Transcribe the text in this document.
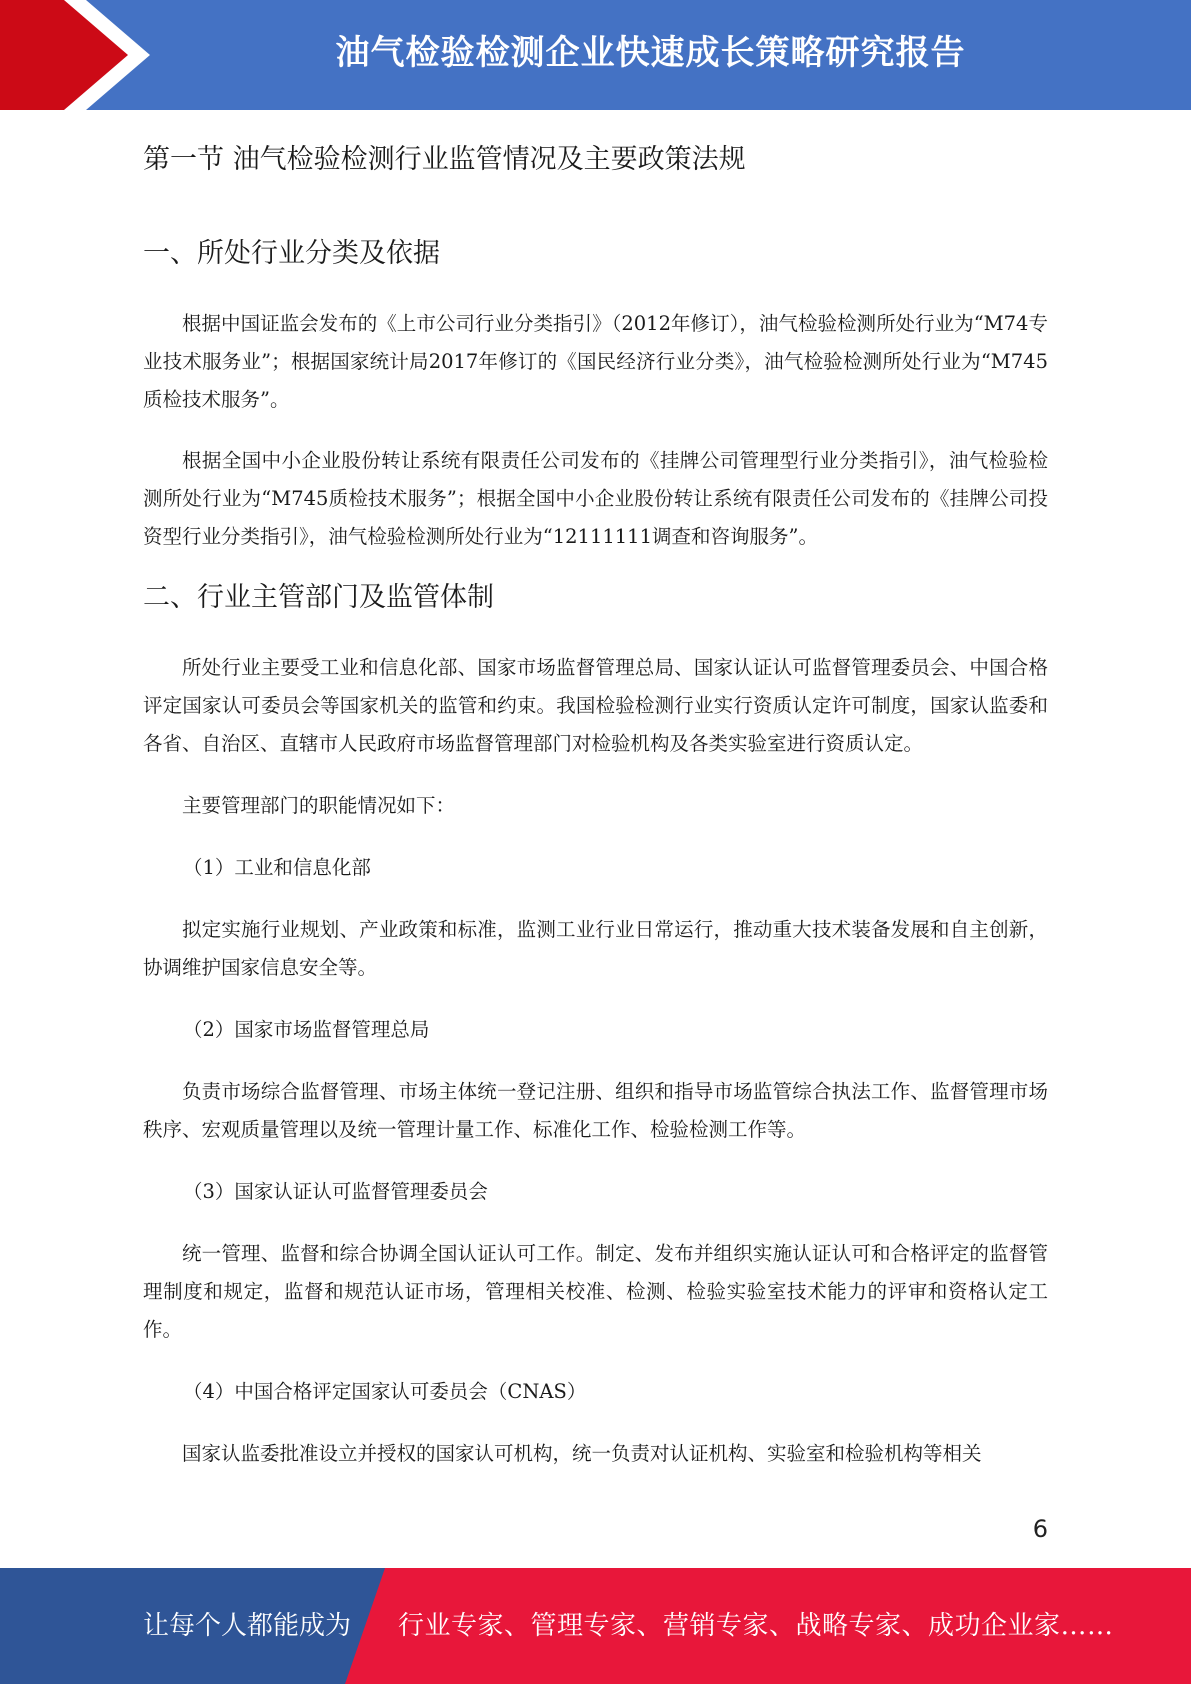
油气检验检测企业快速成长策略研究报告
第一节 油气检验检测行业监管情况及主要政策法规
一、所处行业分类及依据

根据中国证监会发布的《上市公司行业分类指引》（2012年修订），油气检验检测所处行业为“M74专业技术服务业”；根据国家统计局2017年修订的《国民经济行业分类》，油气检验检测所处行业为“M745质检技术服务”。

根据全国中小企业股份转让系统有限责任公司发布的《挂牌公司管理型行业分类指引》，油气检验检测所处行业为“M745质检技术服务”；根据全国中小企业股份转让系统有限责任公司发布的《挂牌公司投资型行业分类指引》，油气检验检测所处行业为“12111111调查和咨询服务”。

二、行业主管部门及监管体制

所处行业主要受工业和信息化部、国家市场监督管理总局、国家认证认可监督管理委员会、中国合格评定国家认可委员会等国家机关的监管和约束。我国检验检测行业实行资质认定许可制度，国家认监委和各省、自治区、直辖市人民政府市场监督管理部门对检验机构及各类实验室进行资质认定。

主要管理部门的职能情况如下：

（1）工业和信息化部

拟定实施行业规划、产业政策和标准，监测工业行业日常运行，推动重大技术装备发展和自主创新，协调维护国家信息安全等。

（2）国家市场监督管理总局

负责市场综合监督管理、市场主体统一登记注册、组织和指导市场监管综合执法工作、监督管理市场秩序、宏观质量管理以及统一管理计量工作、标准化工作、检验检测工作等。

（3）国家认证认可监督管理委员会

统一管理、监督和综合协调全国认证认可工作。制定、发布并组织实施认证认可和合格评定的监督管理制度和规定，监督和规范认证市场，管理相关校准、检测、检验实验室技术能力的评审和资格认定工作。

（4）中国合格评定国家认可委员会（CNAS）

国家认监委批准设立并授权的国家认可机构，统一负责对认证机构、实验室和检验机构等相关

6
让每个人都能成为 行业专家、管理专家、营销专家、战略专家、成功企业家……
